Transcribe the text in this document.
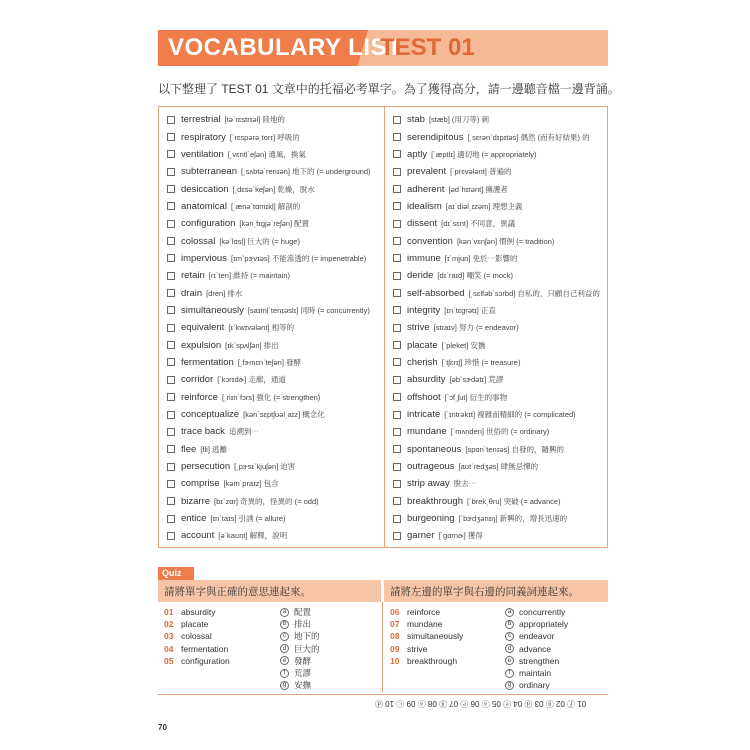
VOCABULARY LIST
TEST 01
以下整理了 TEST 01 文章中的托福必考單字。為了獲得高分，請一邊聽音檔一邊背誦。
terrestrial [tə`rɛstrɪəl] 陸地的
respiratory [`rɛspərə͵torɪ] 呼吸的
ventilation [͵vɛntḷ`eʃən] 通風，換氣
subterranean [͵sʌbtə`renɪən] 地下的 (= underground)
desiccation [͵dɛsə`keʃən] 乾燥，脫水
anatomical [͵ænə`tɑmɪkḷ] 解剖的
configuration [kən͵fɪgjə`reʃən] 配置
colossal [kə`lɑsḷ] 巨大的 (= huge)
impervious [ɪm`pɝvɪəs] 不能滲透的 (= impenetrable)
retain [rɪ`ten] 維持 (= maintain)
drain [dren] 排水
simultaneously [saɪmḷ`tenɪəslɪ] 同時 (= concurrently)
equivalent [ɪ`kwɪvələnt] 相等的
expulsion [ɪk`spʌlʃən] 排出
fermentation [͵fɝmɛn`teʃən] 發酵
corridor [`kɔrɪdɚ] 走廊，通道
reinforce [͵riɪn`fɔrs] 強化 (= strengthen)
conceptualize [kən`sɛptʃʊəl͵aɪz] 概念化
trace back 追溯到⋯
flee [fli] 逃離
persecution [͵pɝsɪ`kjuʃən] 迫害
comprise [kəm`praɪz] 包含
bizarre [bɪ`zɑr] 奇異的，怪異的 (= odd)
entice [ɪn`taɪs] 引誘 (= allure)
account [ə`kaʊnt] 解釋，說明
stab [stæb] (用刀等) 刺
serendipitous [͵sɛrən`dɪpɪtəs] 偶然 (而有好結果) 的
aptly [`æptlɪ] 適切地 (= appropriately)
prevalent [`prɛvələnt] 普遍的
adherent [əd`hɪrənt] 擁護者
idealism [aɪ`diəl͵ɪzəm] 理想主義
dissent [dɪ`sɛnt] 不同意，異議
convention [kən`vɛnʃən] 慣例 (= tradition)
immune [ɪ`mjun] 免於⋯影響的
deride [dɪ`raɪd] 嘲笑 (= mock)
self-absorbed [͵sɛlfəb`sɔrbd] 自私的，只顧自己利益的
integrity [ɪn`tɛgrətɪ] 正直
strive [straɪv] 努力 (= endeavor)
placate [`pleket] 安撫
cherish [`tʃɛrɪʃ] 珍惜 (= treasure)
absurdity [əb`sɝdətɪ] 荒謬
offshoot [`ɔf͵ʃut] 衍生的事物
intricate [`ɪntrəkɪt] 複雜而精細的 (= complicated)
mundane [`mʌnden] 世俗的 (= ordinary)
spontaneous [spɑn`tenɪəs] 自發的，隨興的
outrageous [aʊt`redʒəs] 肆無忌憚的
strip away 脫去⋯
breakthrough [`brek͵θru] 突破 (= advance)
burgeoning [`bɝdʒənɪŋ] 新興的，增長迅速的
garner [`gɑrnɚ] 獲得
Quiz
請將單字與正確的意思連起來。	請將左邊的單字與右邊的同義詞連起來。
01 absurdity
02 placate
03 colossal
04 fermentation
05 configuration
a 配置
b 排出
c 地下的
d 巨大的
e 發酵
f	荒謬
g 安撫
06 reinforce
07 mundane
08 simultaneously
09 strive
10 breakthrough
a concurrently
b appropriately
c endeavor
d advance
e strengthen
f	maintain
g ordinary
01 ⓕ 02 ⓖ 03 ⓓ 04 ⓔ 05 ⓐ 06 ⓔ 07 ⓖ 08 ⓐ 09 ⓒ 10 ⓓ
70
